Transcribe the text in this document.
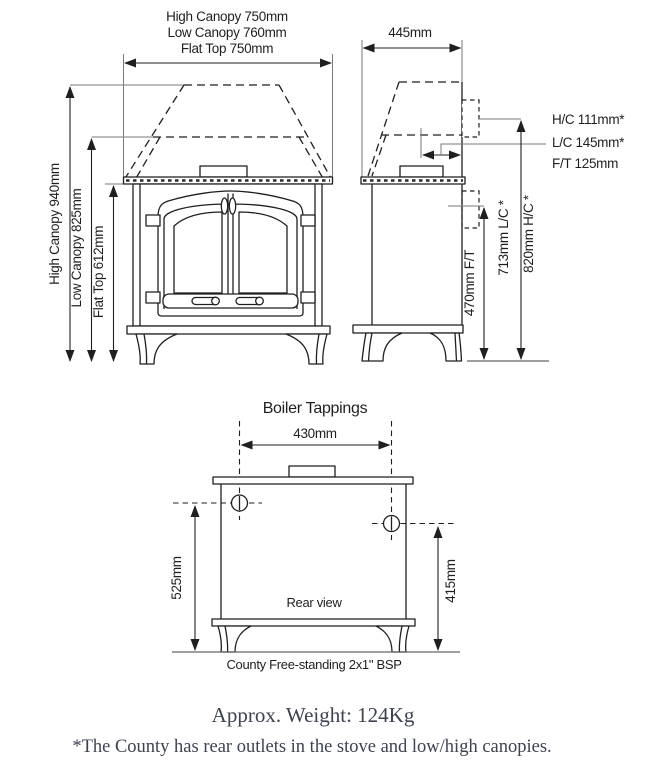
High Canopy 750mm
Low Canopy 760mm
Flat Top 750mm
High Canopy 940mm Low Canopy 825mm Flat Top 612mm
445mm
H/C 111mm*
L/C 145mm*
F/T 125mm
470mm F/T
713mm L/C * 820mm H/C *
Boiler Tappings
430mm
Rear view
525mm	415mm
County Free-standing 2x1" BSP
Approx. Weight: 124Kg
*The County has rear outlets in the stove and low/high canopies.
